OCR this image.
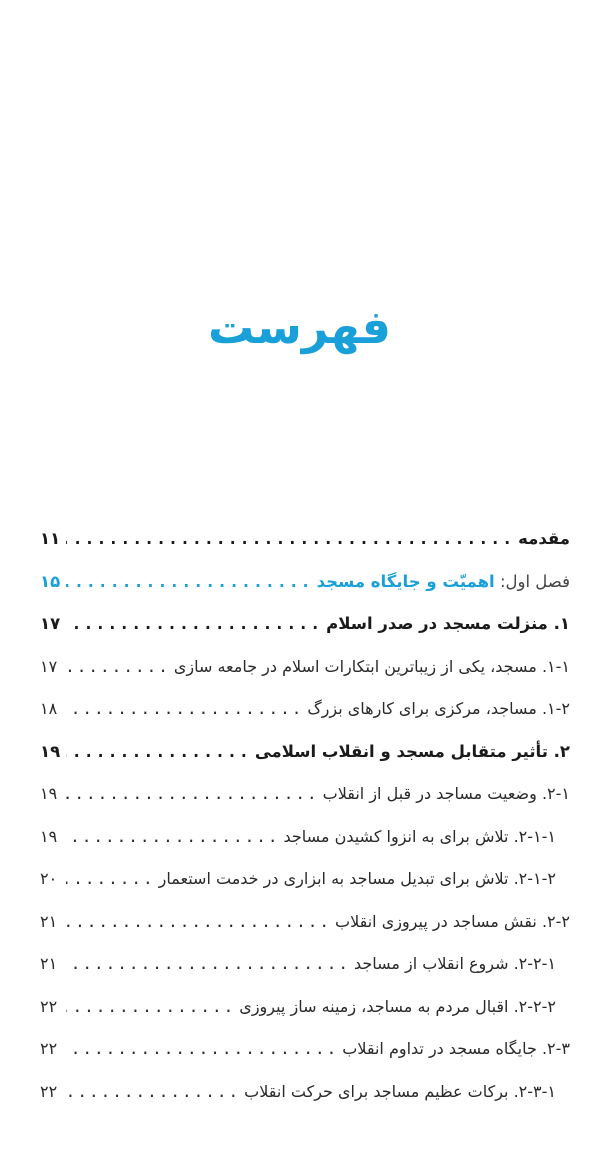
فهرست
مقدمه
.....
۱۱
فصل اول: اهمیّت و جایگاه مسجد
.....
۱۵
۱. منزلت مسجد در صدر اسلام
.....
۱۷
۱-۱. مسجد، یکی از زیباترین ابتکارات اسلام در جامعه سازی
.....
۱۷
۱-۲. مساجد، مرکزی برای کارهای بزرگ
.....
۱۸
۲. تأثیر متقابل مسجد و انقلاب اسلامی
.....
۱۹
۲-۱. وضعیت مساجد در قبل از انقلاب
.....
۱۹
۲-۱-۱. تلاش برای به انزوا کشیدن مساجد
.....
۱۹
۲-۱-۲. تلاش برای تبدیل مساجد به ابزاری در خدمت استعمار
.....
۲۰
۲-۲. نقش مساجد در پیروزی انقلاب
.....
۲۱
۲-۲-۱. شروع انقلاب از مساجد
.....
۲۱
۲-۲-۲. اقبال مردم به مساجد، زمینه ساز پیروزی
.....
۲۲
۲-۳. جایگاه مسجد در تداوم انقلاب
.....
۲۲
۲-۳-۱. برکات عظیم مساجد برای حرکت انقلاب
.....
۲۲
